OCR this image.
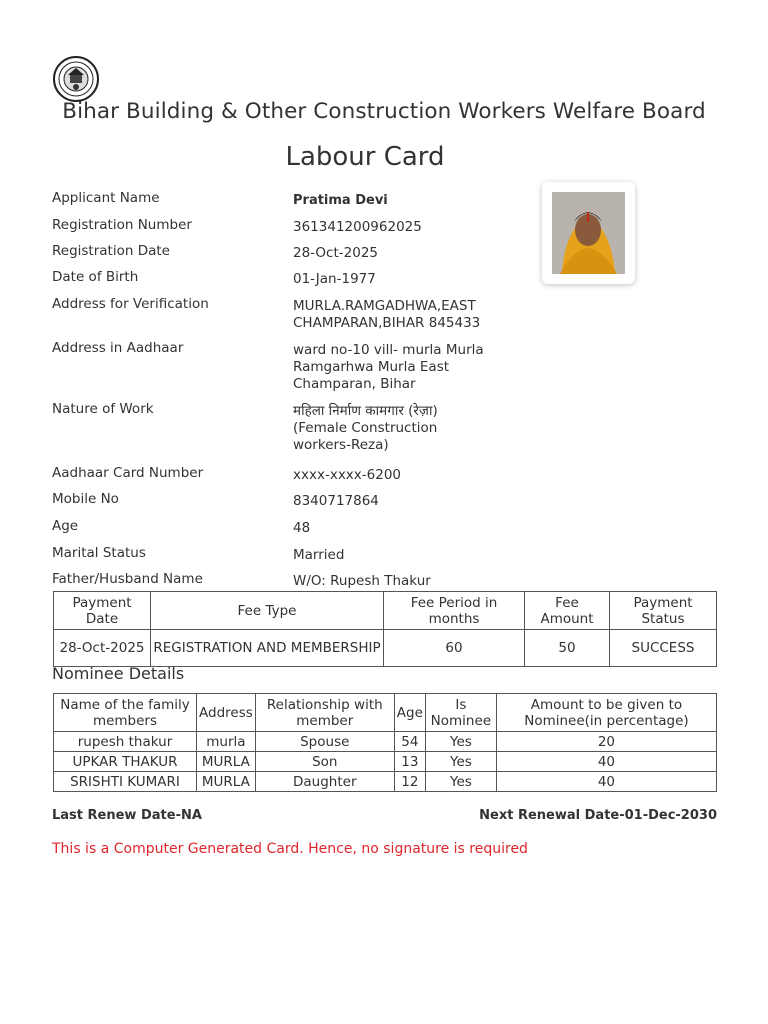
Bihar Building & Other Construction Workers Welfare Board
Labour Card
Applicant Name	Pratima Devi
Registration Number	361341200962025
Registration Date	28-Oct-2025
Date of Birth	01-Jan-1977
Address for Verification	MURLA.RAMGADHWA,EAST
CHAMPARAN,BIHAR 845433
Address in Aadhaar	ward no-10 vill- murla Murla
Ramgarhwa Murla East
Champaran, Bihar
Nature of Work	महिला निर्माण कामगार (रेज़ा)
(Female Construction
workers-Reza)
Aadhaar Card Number	xxxx-xxxx-6200
Mobile No	8340717864
Age	48
Marital Status	Married
Father/Husband Name	W/O: Rupesh Thakur
Payment Date	Fee Type	Fee Period in months	Fee Amount	Payment Status
28-Oct-2025	REGISTRATION AND MEMBERSHIP	60	50	SUCCESS
Nominee Details
Name of the family members	Address	Relationship with member	Age	Is Nominee	Amount to be given to Nominee(in percentage)
rupesh thakur	murla	Spouse	54	Yes	20
UPKAR THAKUR	MURLA	Son	13	Yes	40
SRISHTI KUMARI	MURLA	Daughter	12	Yes	40
Last Renew Date-NA	Next Renewal Date-01-Dec-2030
This is a Computer Generated Card. Hence, no signature is required
